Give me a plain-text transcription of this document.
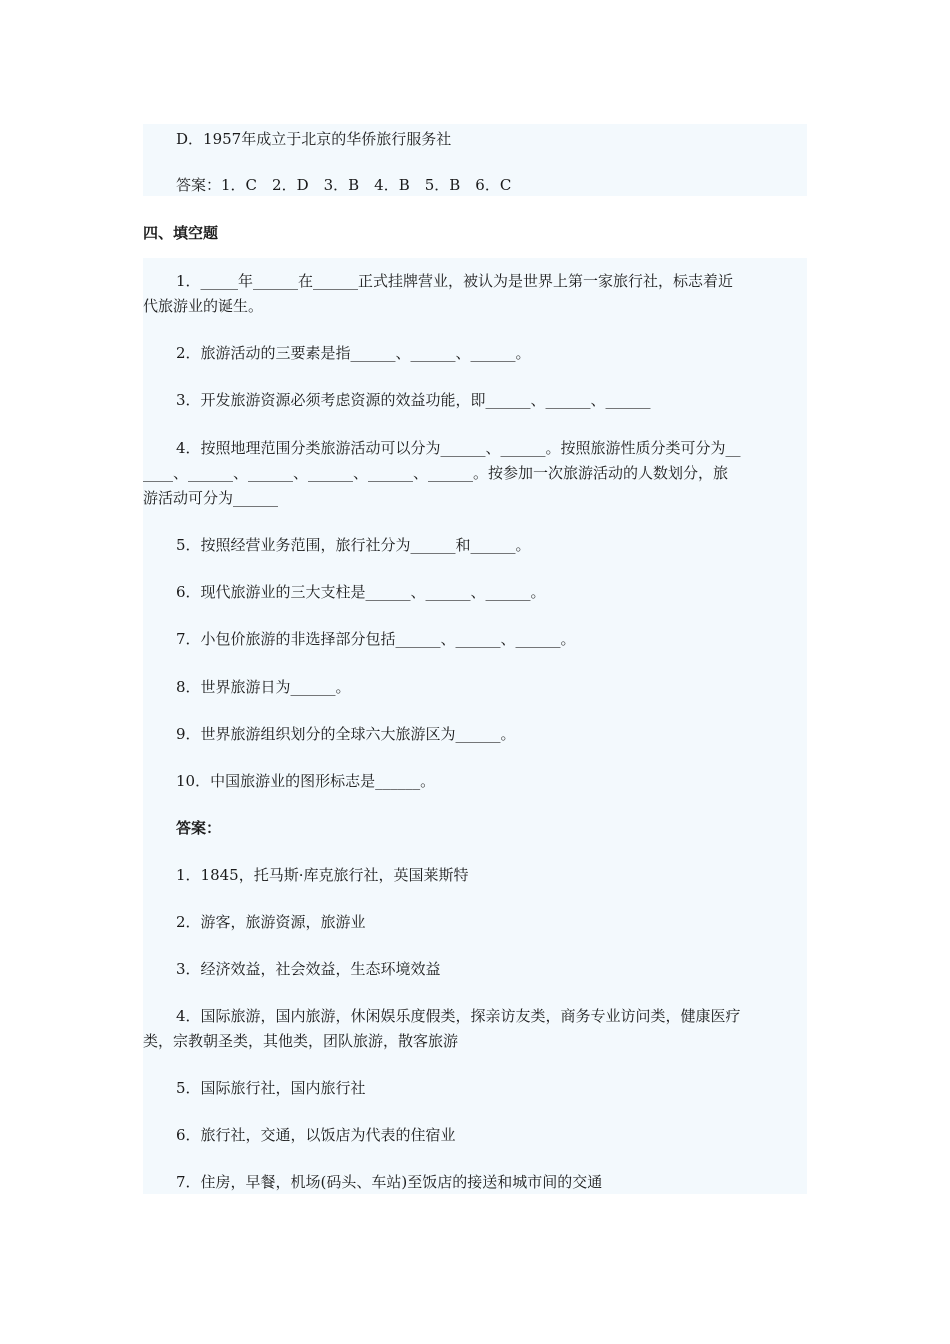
D．1957年成立于北京的华侨旅行服务社
答案：1．C　2．D　3．B　4．B　5．B　6．C
四、填空题
1．_____年______在______正式挂牌营业，被认为是世界上第一家旅行社，标志着近
代旅游业的诞生。
2．旅游活动的三要素是指______、______、______。
3．开发旅游资源必须考虑资源的效益功能，即______、______、______
4．按照地理范围分类旅游活动可以分为______、______。按照旅游性质分类可分为__
____、______、______、______、______、______。按参加一次旅游活动的人数划分，旅
游活动可分为______
5．按照经营业务范围，旅行社分为______和______。
6．现代旅游业的三大支柱是______、______、______。
7．小包价旅游的非选择部分包括______、______、______。
8．世界旅游日为______。
9．世界旅游组织划分的全球六大旅游区为______。
10．中国旅游业的图形标志是______。
答案：
1．1845，托马斯·库克旅行社，英国莱斯特
2．游客，旅游资源，旅游业
3．经济效益，社会效益，生态环境效益
4．国际旅游，国内旅游，休闲娱乐度假类，探亲访友类，商务专业访问类，健康医疗
类，宗教朝圣类，其他类，团队旅游，散客旅游
5．国际旅行社，国内旅行社
6．旅行社，交通，以饭店为代表的住宿业
7．住房，早餐，机场(码头、车站)至饭店的接送和城市间的交通
